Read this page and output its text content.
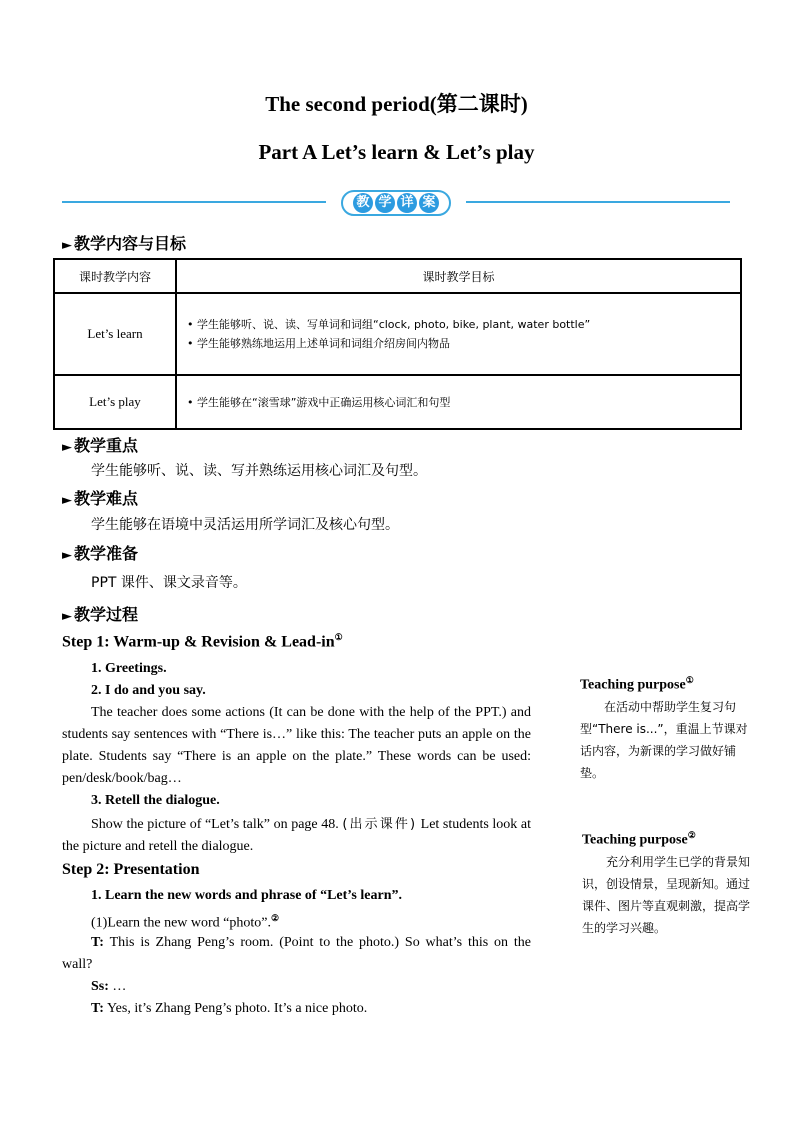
The second period(第二课时)
Part A Let’s learn & Let’s play
教 学 详 案
► 教学内容与目标
课时教学内容	课时教学目标
Let’s learn	• 学生能够听、说、读、写单词和词组“clock, photo, bike, plant, water bottle”
• 学生能够熟练地运用上述单词和词组介绍房间内物品

Let’s play	• 学生能够在“滚雪球”游戏中正确运用核心词汇和句型
► 教学重点
学生能够听、说、读、写并熟练运用核心词汇及句型。
► 教学难点
学生能够在语境中灵活运用所学词汇及核心句型。
► 教学准备
PPT 课件、课文录音等。
► 教学过程
Step 1: Warm-up & Revision & Lead-in①
1. Greetings.
2. I do and you say.
The teacher does some actions (It can be done with the help of the PPT.) and students say sentences with “There is…” like this: The teacher puts an apple on the plate. Students say “There is an apple on the plate.” These words can be used: pen/desk/book/bag…
3. Retell the dialogue.
Show the picture of “Let’s talk” on page 48. (出示课件) Let students look at the picture and retell the dialogue.
Step 2: Presentation
1. Learn the new words and phrase of “Let’s learn”.
(1)Learn the new word “photo”.②
T: This is Zhang Peng’s room. (Point to the photo.) So what’s this on the wall?
Ss: …
T: Yes, it’s Zhang Peng’s photo. It’s a nice photo.
Teaching purpose①
在活动中帮助学生复习句型“There is...”，重温上节课对话内容，为新课的学习做好铺垫。
Teaching purpose②
充分利用学生已学的背景知识，创设情景，呈现新知。通过课件、图片等直观刺激，提高学生的学习兴趣。
